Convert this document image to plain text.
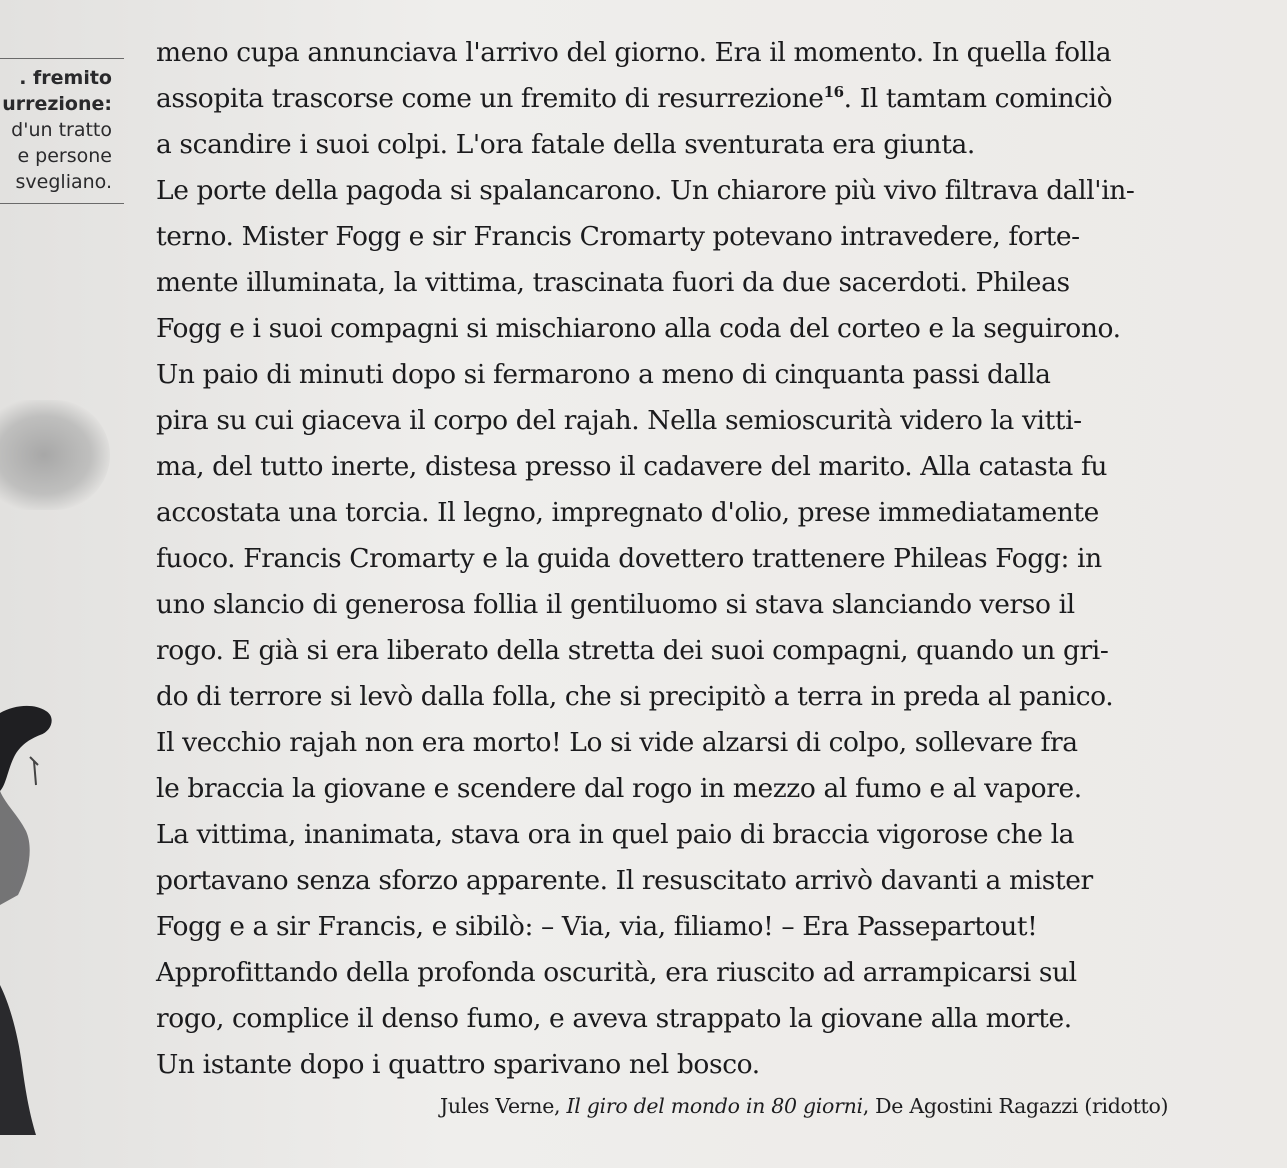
. fremito
urrezione:
d'un tratto
e persone
svegliano.
meno cupa annunciava l'arrivo del giorno. Era il momento. In quella folla
assopita trascorse come un fremito di resurrezione$^{16}$. Il tamtam cominciò
a scandire i suoi colpi. L'ora fatale della sventurata era giunta.
Le porte della pagoda si spalancarono. Un chiarore più vivo filtrava dall'in-
terno. Mister Fogg e sir Francis Cromarty potevano intravedere, forte-
mente illuminata, la vittima, trascinata fuori da due sacerdoti. Phileas
Fogg e i suoi compagni si mischiarono alla coda del corteo e la seguirono.
Un paio di minuti dopo si fermarono a meno di cinquanta passi dalla
pira su cui giaceva il corpo del rajah. Nella semioscurità videro la vitti-
ma, del tutto inerte, distesa presso il cadavere del marito. Alla catasta fu
accostata una torcia. Il legno, impregnato d'olio, prese immediatamente
fuoco. Francis Cromarty e la guida dovettero trattenere Phileas Fogg: in
uno slancio di generosa follia il gentiluomo si stava slanciando verso il
rogo. E già si era liberato della stretta dei suoi compagni, quando un gri-
do di terrore si levò dalla folla, che si precipitò a terra in preda al panico.
Il vecchio rajah non era morto! Lo si vide alzarsi di colpo, sollevare fra
le braccia la giovane e scendere dal rogo in mezzo al fumo e al vapore.
La vittima, inanimata, stava ora in quel paio di braccia vigorose che la
portavano senza sforzo apparente. Il resuscitato arrivò davanti a mister
Fogg e a sir Francis, e sibilò: – Via, via, filiamo! – Era Passepartout!
Approfittando della profonda oscurità, era riuscito ad arrampicarsi sul
rogo, complice il denso fumo, e aveva strappato la giovane alla morte.
Un istante dopo i quattro sparivano nel bosco.
Jules Verne, Il giro del mondo in 80 giorni, De Agostini Ragazzi (ridotto)
